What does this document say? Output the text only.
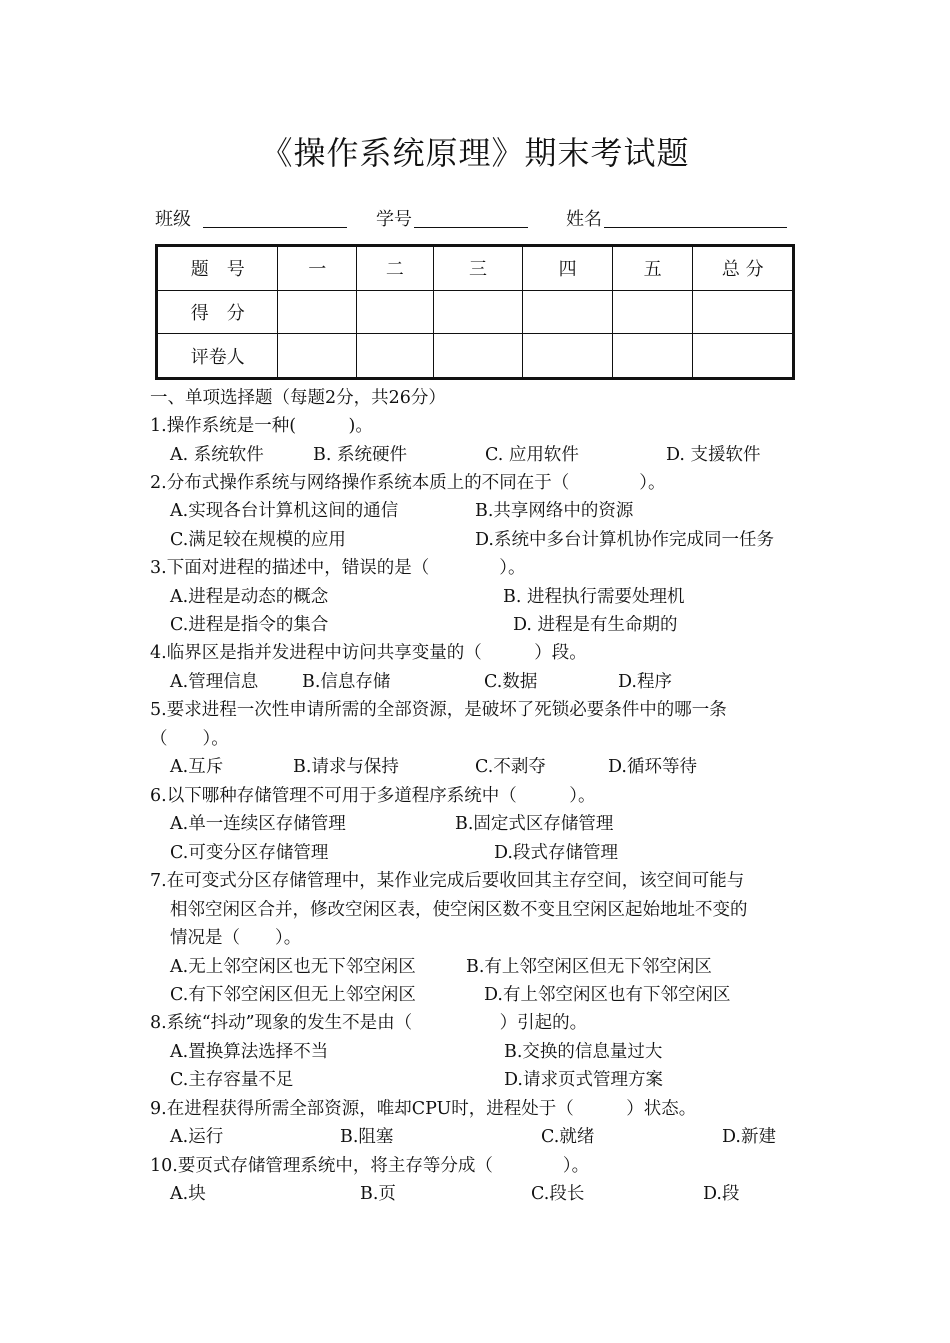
《操作系统原理》期末考试题
班级	学号	姓名
题　号	一	二	三	四	五	总 分
得　分						
评卷人						
一、单项选择题（每题2分，共26分）
1.操作系统是一种(　　　)。
A. 系统软件	B. 系统硬件	C. 应用软件	D. 支援软件
2.分布式操作系统与网络操作系统本质上的不同在于（　　　　）。
A.实现各台计算机这间的通信	B.共享网络中的资源
C.满足较在规模的应用	D.系统中多台计算机协作完成同一任务
3.下面对进程的描述中，错误的是（　　　　）。
A.进程是动态的概念	B. 进程执行需要处理机
C.进程是指令的集合	D. 进程是有生命期的
4.临界区是指并发进程中访问共享变量的（　　　）段。
A.管理信息	B.信息存储	C.数据	D.程序
5.要求进程一次性申请所需的全部资源，是破坏了死锁必要条件中的哪一条
（　　）。
A.互斥	B.请求与保持	C.不剥夺	D.循环等待
6.以下哪种存储管理不可用于多道程序系统中（　　　）。
A.单一连续区存储管理	B.固定式区存储管理
C.可变分区存储管理	D.段式存储管理
7.在可变式分区存储管理中，某作业完成后要收回其主存空间，该空间可能与
相邻空闲区合并，修改空闲区表，使空闲区数不变且空闲区起始地址不变的
情况是（　　）。
A.无上邻空闲区也无下邻空闲区	B.有上邻空闲区但无下邻空闲区
C.有下邻空闲区但无上邻空闲区	D.有上邻空闲区也有下邻空闲区
8.系统“抖动”现象的发生不是由（　　　　　）引起的。
A.置换算法选择不当	B.交换的信息量过大
C.主存容量不足	D.请求页式管理方案
9.在进程获得所需全部资源，唯却CPU时，进程处于（　　　）状态。
A.运行	B.阻塞	C.就绪	D.新建
10.要页式存储管理系统中，将主存等分成（　　　　）。
A.块	B.页	C.段长	D.段
